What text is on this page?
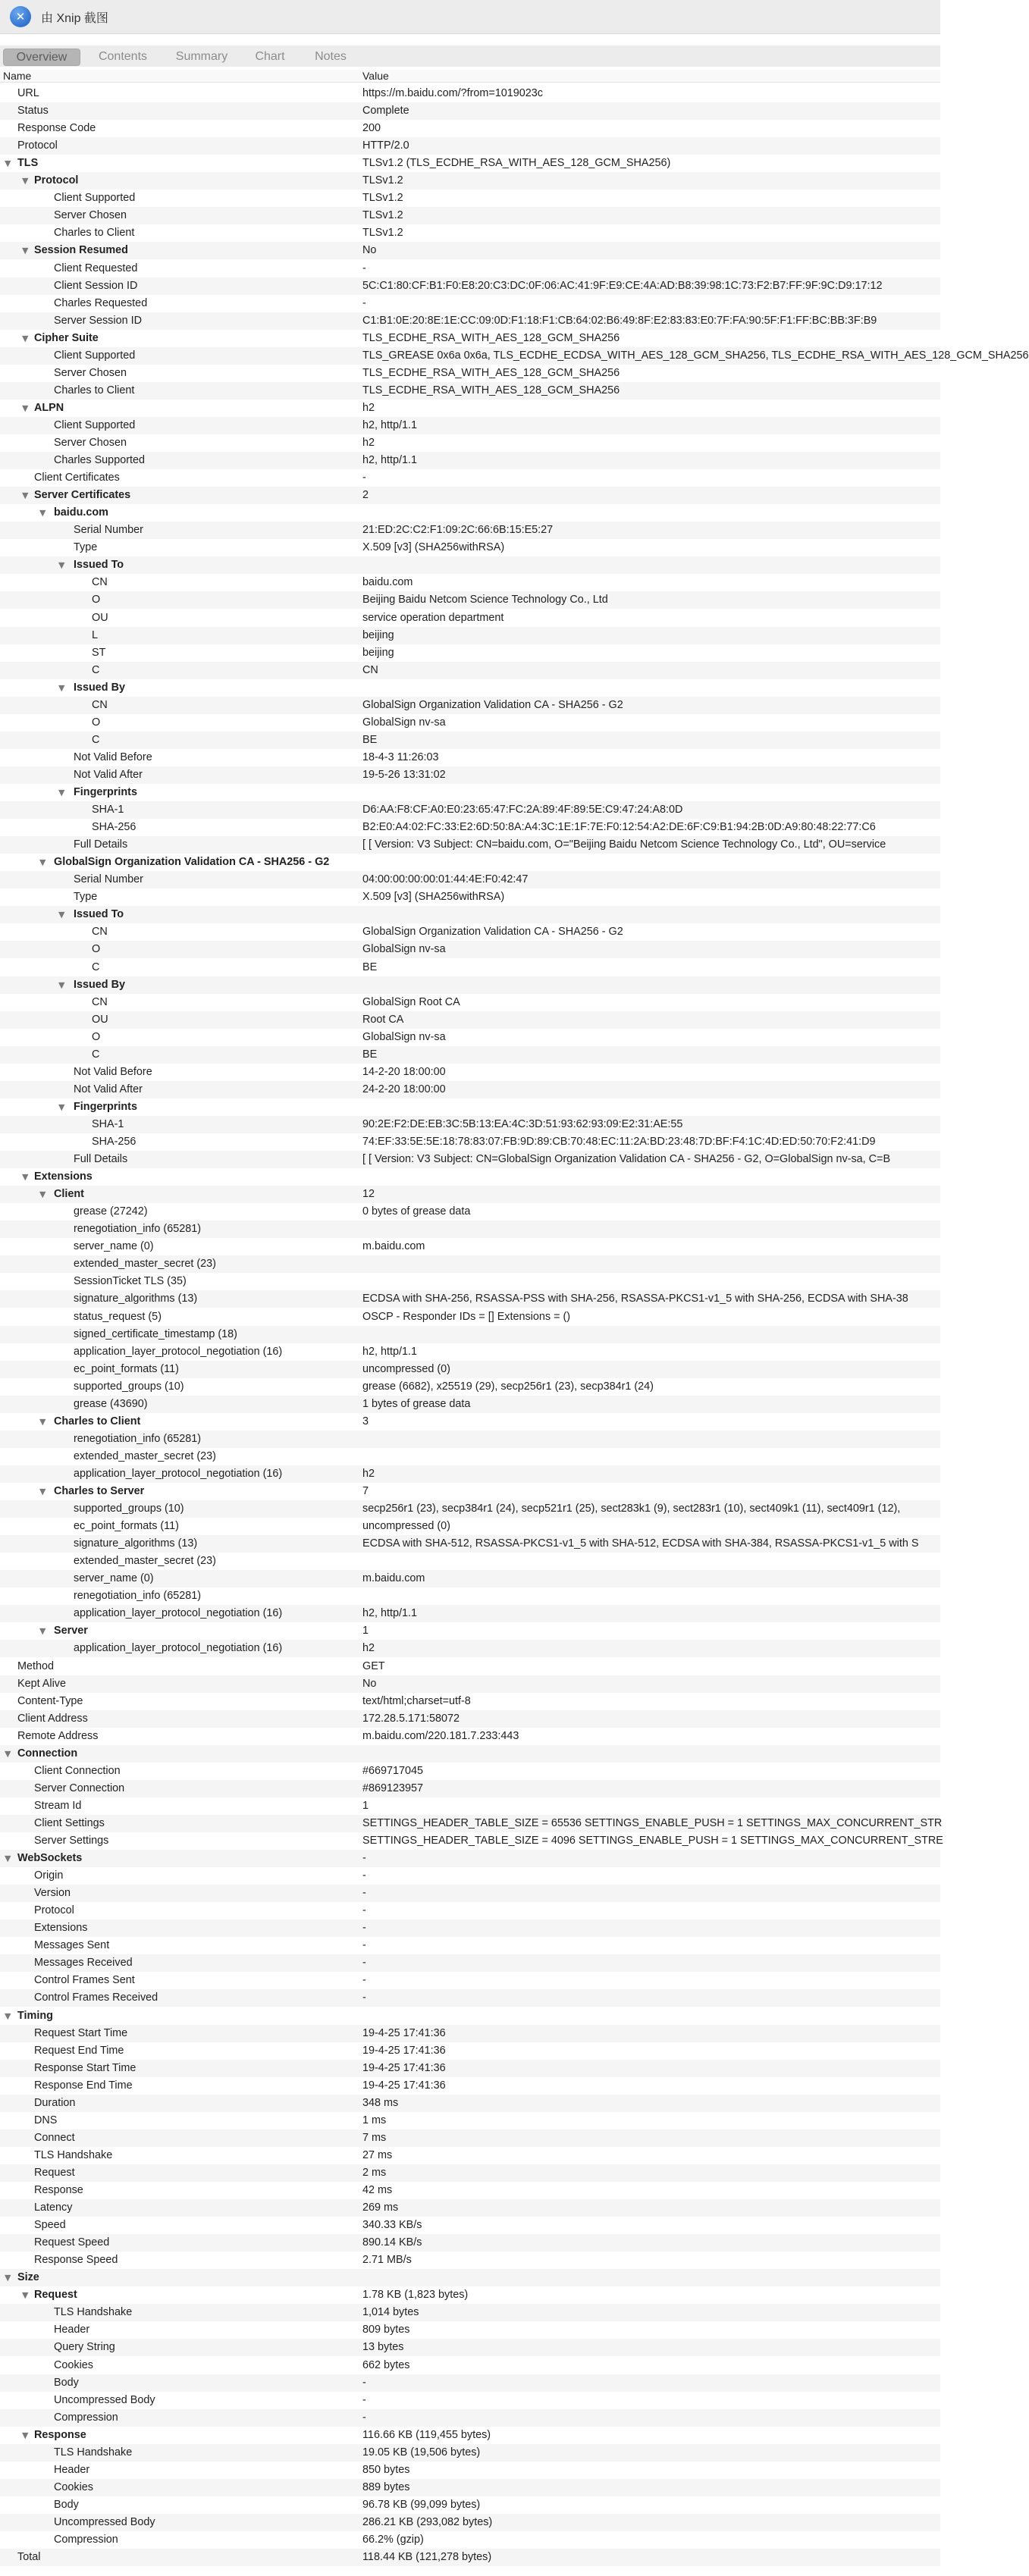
✕
由 Xnip 截图
Overview	Contents	Summary	Chart	Notes
Name	Value
URL	https://m.baidu.com/?from=1019023c
Status	Complete
Response Code	200
Protocol	HTTP/2.0
▼ TLS	TLSv1.2 (TLS_ECDHE_RSA_WITH_AES_128_GCM_SHA256)
▼ Protocol	TLSv1.2
Client Supported	TLSv1.2
Server Chosen	TLSv1.2
Charles to Client	TLSv1.2
▼ Session Resumed	No
Client Requested	-
Client Session ID	5C:C1:80:CF:B1:F0:E8:20:C3:DC:0F:06:AC:41:9F:E9:CE:4A:AD:B8:39:98:1C:73:F2:B7:FF:9F:9C:D9:17:12
Charles Requested	-
Server Session ID	C1:B1:0E:20:8E:1E:CC:09:0D:F1:18:F1:CB:64:02:B6:49:8F:E2:83:83:E0:7F:FA:90:5F:F1:FF:BC:BB:3F:B9
▼ Cipher Suite	TLS_ECDHE_RSA_WITH_AES_128_GCM_SHA256
Client Supported	TLS_GREASE 0x6a 0x6a, TLS_ECDHE_ECDSA_WITH_AES_128_GCM_SHA256, TLS_ECDHE_RSA_WITH_AES_128_GCM_SHA256
Server Chosen	TLS_ECDHE_RSA_WITH_AES_128_GCM_SHA256
Charles to Client	TLS_ECDHE_RSA_WITH_AES_128_GCM_SHA256
▼ ALPN	h2
Client Supported	h2, http/1.1
Server Chosen	h2
Charles Supported	h2, http/1.1
Client Certificates	-
▼ Server Certificates	2
▼ baidu.com
Serial Number	21:ED:2C:C2:F1:09:2C:66:6B:15:E5:27
Type	X.509 [v3] (SHA256withRSA)
▼ Issued To
CN	baidu.com
O	Beijing Baidu Netcom Science Technology Co., Ltd
OU	service operation department
L	beijing
ST	beijing
C	CN
▼ Issued By
CN	GlobalSign Organization Validation CA - SHA256 - G2
O	GlobalSign nv-sa
C	BE
Not Valid Before	18-4-3 11:26:03
Not Valid After	19-5-26 13:31:02
▼ Fingerprints
SHA-1	D6:AA:F8:CF:A0:E0:23:65:47:FC:2A:89:4F:89:5E:C9:47:24:A8:0D
SHA-256	B2:E0:A4:02:FC:33:E2:6D:50:8A:A4:3C:1E:1F:7E:F0:12:54:A2:DE:6F:C9:B1:94:2B:0D:A9:80:48:22:77:C6
Full Details	[ [ Version: V3 Subject: CN=baidu.com, O="Beijing Baidu Netcom Science Technology Co., Ltd", OU=service
▼ GlobalSign Organization Validation CA - SHA256 - G2
Serial Number	04:00:00:00:00:01:44:4E:F0:42:47
Type	X.509 [v3] (SHA256withRSA)
▼ Issued To
CN	GlobalSign Organization Validation CA - SHA256 - G2
O	GlobalSign nv-sa
C	BE
▼ Issued By
CN	GlobalSign Root CA
OU	Root CA
O	GlobalSign nv-sa
C	BE
Not Valid Before	14-2-20 18:00:00
Not Valid After	24-2-20 18:00:00
▼ Fingerprints
SHA-1	90:2E:F2:DE:EB:3C:5B:13:EA:4C:3D:51:93:62:93:09:E2:31:AE:55
SHA-256	74:EF:33:5E:5E:18:78:83:07:FB:9D:89:CB:70:48:EC:11:2A:BD:23:48:7D:BF:F4:1C:4D:ED:50:70:F2:41:D9
Full Details	[ [ Version: V3 Subject: CN=GlobalSign Organization Validation CA - SHA256 - G2, O=GlobalSign nv-sa, C=B
▼ Extensions
▼ Client	12
grease (27242)	0 bytes of grease data
renegotiation_info (65281)
server_name (0)	m.baidu.com
extended_master_secret (23)
SessionTicket TLS (35)
signature_algorithms (13)	ECDSA with SHA-256, RSASSA-PSS with SHA-256, RSASSA-PKCS1-v1_5 with SHA-256, ECDSA with SHA-38
status_request (5)	OSCP - Responder IDs = [] Extensions = ()
signed_certificate_timestamp (18)
application_layer_protocol_negotiation (16)	h2, http/1.1
ec_point_formats (11)	uncompressed (0)
supported_groups (10)	grease (6682), x25519 (29), secp256r1 (23), secp384r1 (24)
grease (43690)	1 bytes of grease data
▼ Charles to Client	3
renegotiation_info (65281)
extended_master_secret (23)
application_layer_protocol_negotiation (16)	h2
▼ Charles to Server	7
supported_groups (10)	secp256r1 (23), secp384r1 (24), secp521r1 (25), sect283k1 (9), sect283r1 (10), sect409k1 (11), sect409r1 (12),
ec_point_formats (11)	uncompressed (0)
signature_algorithms (13)	ECDSA with SHA-512, RSASSA-PKCS1-v1_5 with SHA-512, ECDSA with SHA-384, RSASSA-PKCS1-v1_5 with S
extended_master_secret (23)
server_name (0)	m.baidu.com
renegotiation_info (65281)
application_layer_protocol_negotiation (16)	h2, http/1.1
▼ Server	1
application_layer_protocol_negotiation (16)	h2
Method	GET
Kept Alive	No
Content-Type	text/html;charset=utf-8
Client Address	172.28.5.171:58072
Remote Address	m.baidu.com/220.181.7.233:443
▼ Connection
Client Connection	#669717045
Server Connection	#869123957
Stream Id	1
Client Settings	SETTINGS_HEADER_TABLE_SIZE = 65536 SETTINGS_ENABLE_PUSH = 1 SETTINGS_MAX_CONCURRENT_STR
Server Settings	SETTINGS_HEADER_TABLE_SIZE = 4096 SETTINGS_ENABLE_PUSH = 1 SETTINGS_MAX_CONCURRENT_STRE
▼ WebSockets	-
Origin	-
Version	-
Protocol	-
Extensions	-
Messages Sent	-
Messages Received	-
Control Frames Sent	-
Control Frames Received	-
▼ Timing
Request Start Time	19-4-25 17:41:36
Request End Time	19-4-25 17:41:36
Response Start Time	19-4-25 17:41:36
Response End Time	19-4-25 17:41:36
Duration	348 ms
DNS	1 ms
Connect	7 ms
TLS Handshake	27 ms
Request	2 ms
Response	42 ms
Latency	269 ms
Speed	340.33 KB/s
Request Speed	890.14 KB/s
Response Speed	2.71 MB/s
▼ Size
▼ Request	1.78 KB (1,823 bytes)
TLS Handshake	1,014 bytes
Header	809 bytes
Query String	13 bytes
Cookies	662 bytes
Body	-
Uncompressed Body	-
Compression	-
▼ Response	116.66 KB (119,455 bytes)
TLS Handshake	19.05 KB (19,506 bytes)
Header	850 bytes
Cookies	889 bytes
Body	96.78 KB (99,099 bytes)
Uncompressed Body	286.21 KB (293,082 bytes)
Compression	66.2% (gzip)
Total	118.44 KB (121,278 bytes)
